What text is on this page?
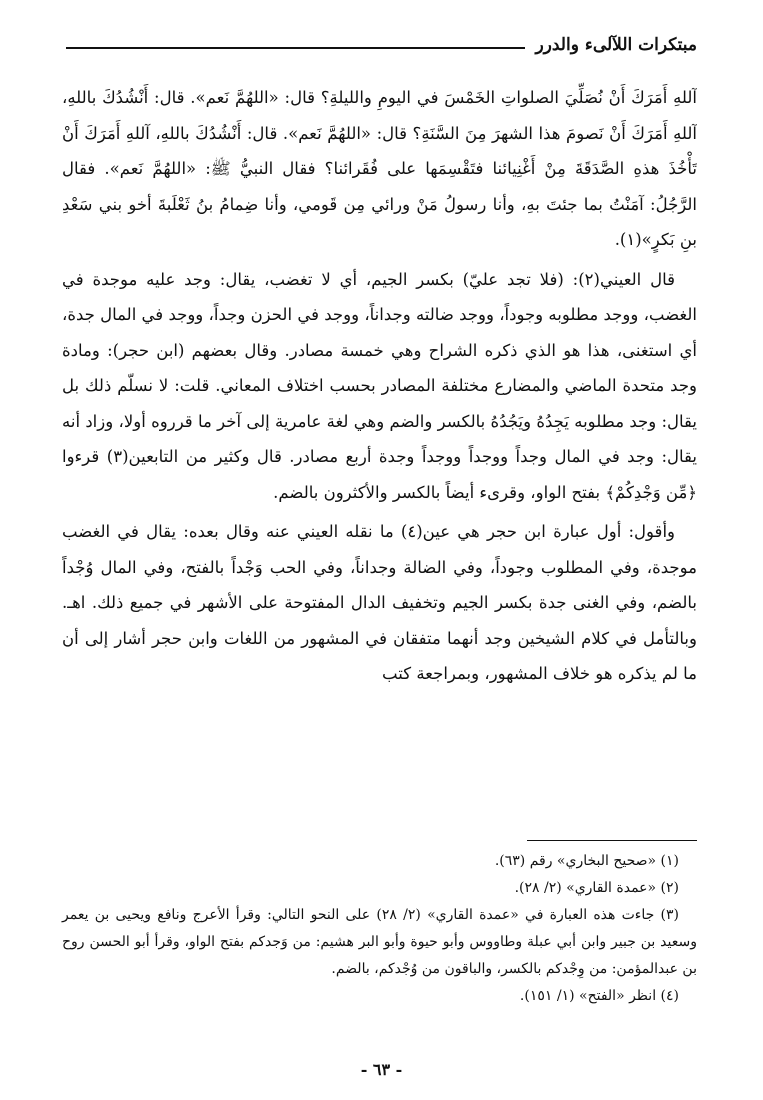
مبتكرات اللآلىء والدرر

آللهِ أَمَرَكَ أَنْ نُصَلِّيَ الصلواتِ الخَمْسَ في اليومِ والليلةِ؟ قال: «اللهُمَّ نَعم». قال: أَنْشُدُكَ باللهِ، آللهِ أَمَرَكَ أَنْ نَصومَ هذا الشهرَ مِنَ السَّنَةِ؟ قال: «اللهُمَّ نَعم». قال: أَنْشُدُكَ باللهِ، آللهِ أَمَرَكَ أَنْ تَأْخُذَ هذهِ الصَّدَقَةَ مِنْ أَغْنِيائنا فتَقْسِمَها على فُقَرائنا؟ فقال النبيُّ ﷺ: «اللهُمَّ نَعم». فقال الرَّجُلُ: آمَنْتُ بما جئتَ بهِ، وأنا رسولُ مَنْ ورائي مِن قَومي، وأنا ضِمامُ بنُ ثَعْلَبةَ أخو بني سَعْدِ بنِ بَكرٍ»(١).

قال العيني(٢): (فلا تجد عليّ) بكسر الجيم، أي لا تغضب، يقال: وجد عليه موجدة في الغضب، ووجد مطلوبه وجوداً، ووجد ضالته وجداناً، ووجد في الحزن وجداً، ووجد في المال جدة، أي استغنى، هذا هو الذي ذكره الشراح وهي خمسة مصادر. وقال بعضهم (ابن حجر): ومادة وجد متحدة الماضي والمضارع مختلفة المصادر بحسب اختلاف المعاني. قلت: لا نسلّم ذلك بل يقال: وجد مطلوبه يَجِدُهُ ويَجُدُهُ بالكسر والضم وهي لغة عامرية إلى آخر ما قرروه أولا، وزاد أنه يقال: وجد في المال وجداً ووجداً ووجداً وجدة أربع مصادر. قال وكثير من التابعين(٣) قرءوا ﴿مِّن وَجْدِكُمْ﴾ بفتح الواو، وقرىء أيضاً بالكسر والأكثرون بالضم.

وأقول: أول عبارة ابن حجر هي عين(٤) ما نقله العيني عنه وقال بعده: يقال في الغضب موجدة، وفي المطلوب وجوداً، وفي الضالة وجداناً، وفي الحب وَجْداً بالفتح، وفي المال وُجْداً بالضم، وفي الغنى جدة بكسر الجيم وتخفيف الدال المفتوحة على الأشهر في جميع ذلك. اهـ. وبالتأمل في كلام الشيخين وجد أنهما متفقان في المشهور من اللغات وابن حجر أشار إلى أن ما لم يذكره هو خلاف المشهور، وبمراجعة كتب

(١) «صحيح البخاري» رقم (٦٣).

(٢) «عمدة القاري» (٢/ ٢٨).

(٣) جاءت هذه العبارة في «عمدة القاري» (٢/ ٢٨) على النحو التالي: وقرأ الأعرج ونافع ويحيى بن يعمر وسعيد بن جبير وابن أبي عبلة وطاووس وأبو حيوة وأبو البر هشيم: من وَجدكم بفتح الواو، وقرأ أبو الحسن روح بن عبدالمؤمن: من وِجْدكم بالكسر، والباقون من وُجْدكم، بالضم.

(٤) انظر «الفتح» (١/ ١٥١).

- ٦٣ -
